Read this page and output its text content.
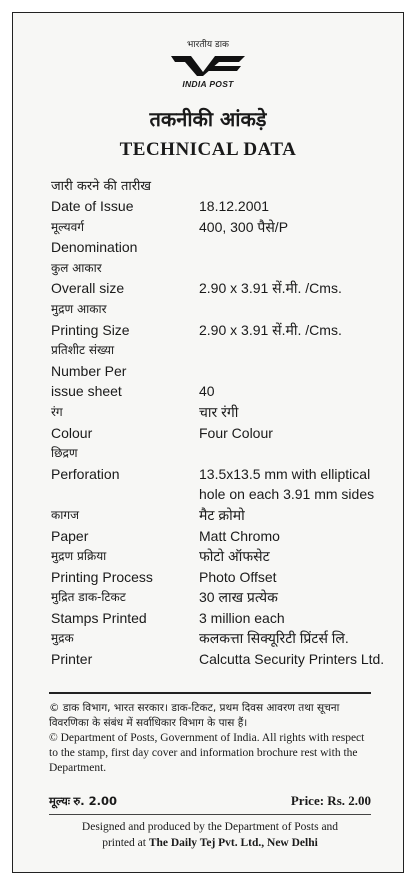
भारतीय डाक
INDIA POST
तकनीकी आंकड़े
TECHNICAL DATA
जारी करने की तारीख
Date of Issue	18.12.2001
मूल्यवर्ग	400, 300 पैसे/P
Denomination
कुल आकार
Overall size	2.90 x 3.91 सें.मी. /Cms.
मुद्रण आकार
Printing Size	2.90 x 3.91 सें.मी. /Cms.
प्रतिशीट संख्या
Number Per
issue sheet	40
रंग	चार रंगी
Colour	Four Colour
छिद्रण
Perforation	13.5x13.5 mm with elliptical
hole on each 3.91 mm sides
कागज	मैट क्रोमो
Paper	Matt Chromo
मुद्रण प्रक्रिया	फोटो ऑफसेट
Printing Process	Photo Offset
मुद्रित डाक-टिकट	30 लाख प्रत्येक
Stamps Printed	3 million each
मुद्रक	कलकत्ता सिक्यूरिटी प्रिंटर्स लि.
Printer	Calcutta Security Printers Ltd.
© डाक विभाग, भारत सरकार। डाक-टिकट, प्रथम दिवस आवरण तथा सूचना विवरणिका के संबंध में सर्वाधिकार विभाग के पास हैं।
© Department of Posts, Government of India. All rights with respect to the stamp, first day cover and information brochure rest with the Department.
मूल्यः रु. 2.00	Price: Rs. 2.00
Designed and produced by the Department of Posts and
printed at The Daily Tej Pvt. Ltd., New Delhi
